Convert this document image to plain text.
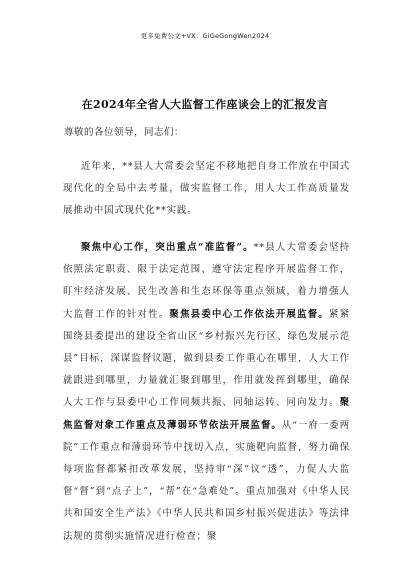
更多免费公文+VX：GiGeGongWen2024
在2024年全省人大监督工作座谈会上的汇报发言
尊敬的各位领导，同志们：

近年来，**县人大常委会坚定不移地把自身工作放在中国式现代化的全局中去考量，做实监督工作，用人大工作高质量发展推动中国式现代化**实践。

聚焦中心工作，突出重点“准监督”。**县人大常委会坚持依照法定职责、限于法定范围、遵守法定程序开展监督工作，盯牢经济发展、民生改善和生态环保等重点领域，着力增强人大监督工作的针对性。聚焦县委中心工作依法开展监督。紧紧围绕县委提出的建设全省山区“乡村振兴先行区、绿色发展示范县”目标，深谋监督议题，做到县委工作重心在哪里，人大工作就跟进到哪里，力量就汇聚到哪里，作用就发挥到哪里，确保人大工作与县委中心工作同频共振、同轴运转、同向发力。聚焦监督对象工作重点及薄弱环节依法开展监督。从“一府一委两院”工作重点和薄弱环节中找切入点，实施靶向监督，努力确保每项监督都紧扣改革发展，坚持审“深”议“透”，力促人大监督“督”到“点子上”，“帮”在“急难处”。重点加强对《中华人民共和国安全生产法》《中华人民共和国乡村振兴促进法》等法律法规的贯彻实施情况进行检查；聚
